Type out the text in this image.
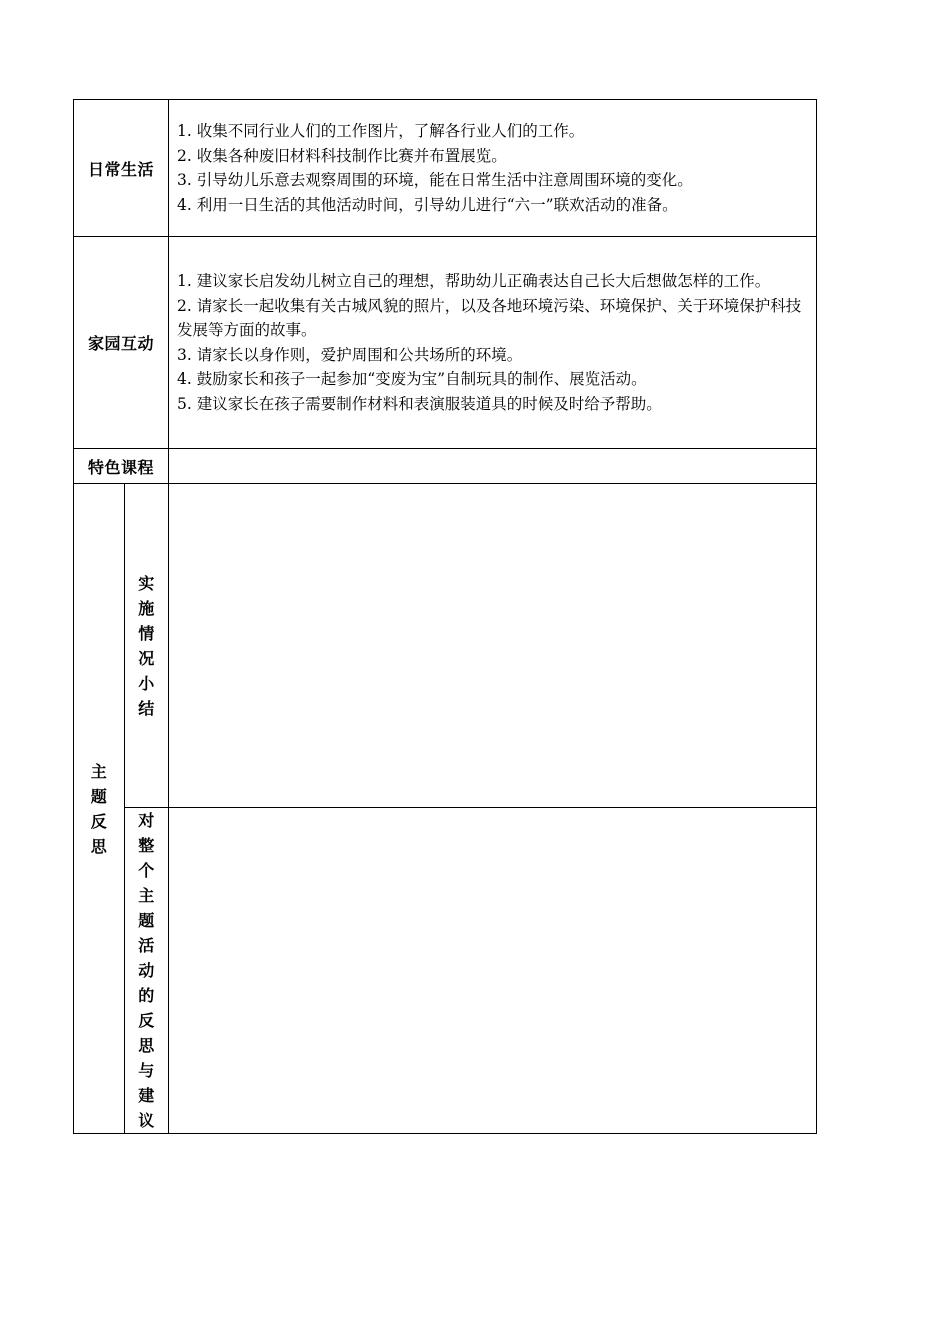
日常生活		1. 收集不同行业人们的工作图片，了解各行业人们的工作。

2. 收集各种废旧材料科技制作比赛并布置展览。

3. 引导幼儿乐意去观察周围的环境，能在日常生活中注意周围环境的变化。

4. 利用一日生活的其他活动时间，引导幼儿进行“六一”联欢活动的准备。

家园互动		1. 建议家长启发幼儿树立自己的理想，帮助幼儿正确表达自己长大后想做怎样的工作。

2. 请家长一起收集有关古城风貌的照片，以及各地环境污染、环境保护、关于环境保护科技发展等方面的故事。

3. 请家长以身作则，爱护周围和公共场所的环境。

4. 鼓励家长和孩子一起参加“变废为宝”自制玩具的制作、展览活动。

5. 建议家长在孩子需要制作材料和表演服装道具的时候及时给予帮助。

特色课程		
主题反思	实施情况小结	
	对整个主题活动的反思与建议	
